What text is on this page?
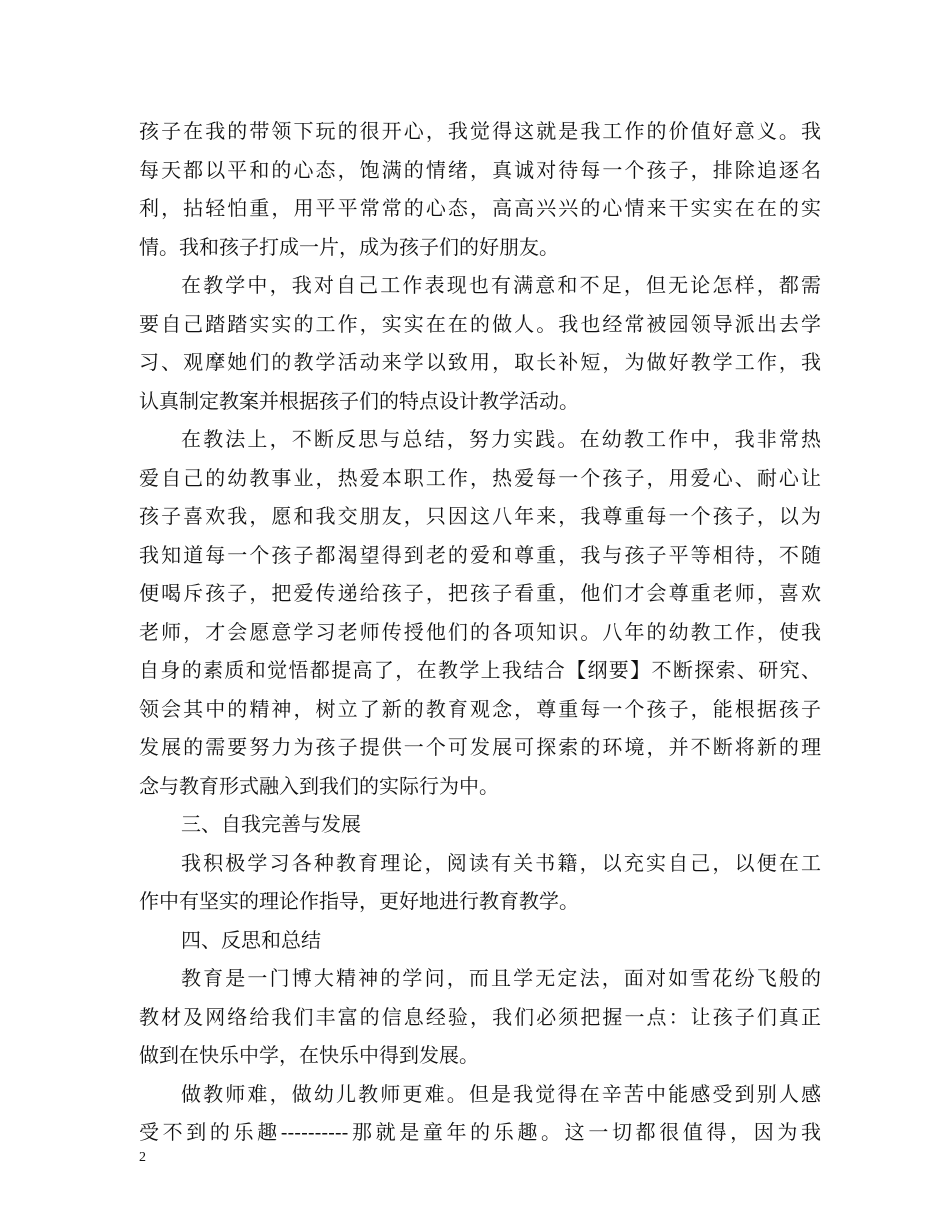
孩子在我的带领下玩的很开心，我觉得这就是我工作的价值好意义。我
每天都以平和的心态，饱满的情绪，真诚对待每一个孩子，排除追逐名
利，拈轻怕重，用平平常常的心态，高高兴兴的心情来干实实在在的实
情。我和孩子打成一片，成为孩子们的好朋友。
在教学中，我对自己工作表现也有满意和不足，但无论怎样，都需
要自己踏踏实实的工作，实实在在的做人。我也经常被园领导派出去学
习、观摩她们的教学活动来学以致用，取长补短，为做好教学工作，我
认真制定教案并根据孩子们的特点设计教学活动。
在教法上，不断反思与总结，努力实践。在幼教工作中，我非常热
爱自己的幼教事业，热爱本职工作，热爱每一个孩子，用爱心、耐心让
孩子喜欢我，愿和我交朋友，只因这八年来，我尊重每一个孩子，以为
我知道每一个孩子都渴望得到老的爱和尊重，我与孩子平等相待，不随
便喝斥孩子，把爱传递给孩子，把孩子看重，他们才会尊重老师，喜欢
老师，才会愿意学习老师传授他们的各项知识。八年的幼教工作，使我
自身的素质和觉悟都提高了，在教学上我结合【纲要】不断探索、研究、
领会其中的精神，树立了新的教育观念，尊重每一个孩子，能根据孩子
发展的需要努力为孩子提供一个可发展可探索的环境，并不断将新的理
念与教育形式融入到我们的实际行为中。
三、自我完善与发展
我积极学习各种教育理论，阅读有关书籍，以充实自己，以便在工
作中有坚实的理论作指导，更好地进行教育教学。
四、反思和总结
教育是一门博大精神的学问，而且学无定法，面对如雪花纷飞般的
教材及网络给我们丰富的信息经验，我们必须把握一点：让孩子们真正
做到在快乐中学，在快乐中得到发展。
做教师难，做幼儿教师更难。但是我觉得在辛苦中能感受到别人感
受不到的乐趣----------那就是童年的乐趣。这一切都很值得，因为我
2
